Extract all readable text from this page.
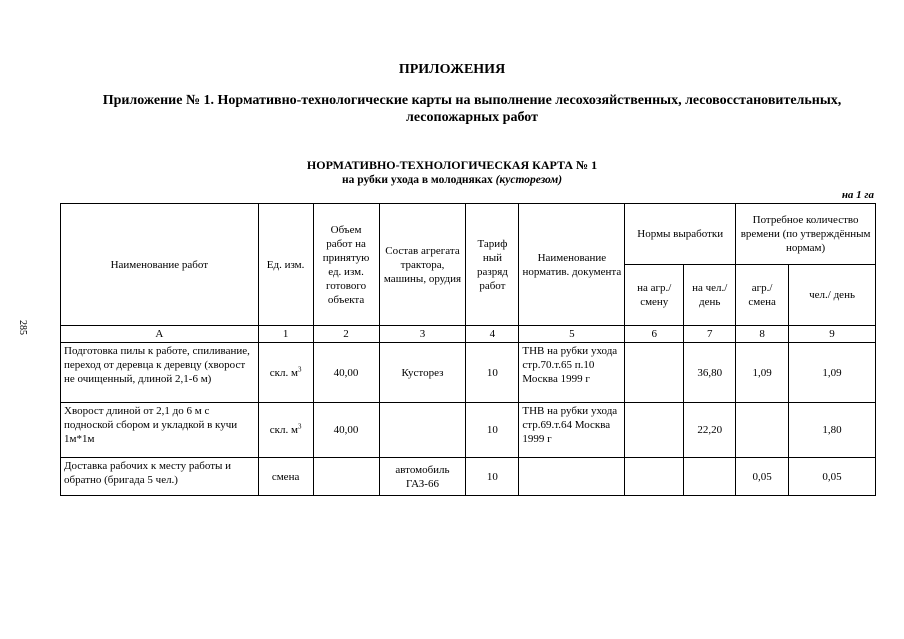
ПРИЛОЖЕНИЯ
Приложение № 1. Нормативно-технологические карты на выполнение лесохозяйственных, лесовосстановительных, лесопожарных работ
НОРМАТИВНО-ТЕХНОЛОГИЧЕСКАЯ КАРТА № 1
на рубки ухода в молодняках (кусторезом)
на 1 га
285
Наименование работ	Ед. изм.	Объем работ на принятую ед. изм. готового объекта	Состав агрегата трактора, машины, орудия	Тариф ный разряд работ	Наименование норматив. документа	Нормы выработки		Потребное количество времени (по утверждённым нормам)	
						на агр./ смену	на чел./ день	агр./ смена	чел./ день
А	1	2	3	4	5	6	7	8	9
Подготовка пилы к работе, спиливание, переход от деревца к деревцу (хворост не очищенный, длиной 2,1-6 м)	скл. $м^3$	40,00	Кусторез	10	ТНВ на рубки ухода стр.70.т.65 п.10 Москва 1999 г		36,80	1,09	1,09
Хворост длиной от 2,1 до 6 м с подноской сбором и укладкой в кучи 1м*1м	скл. $м^3$	40,00		10	ТНВ на рубки ухода стр.69.т.64 Москва 1999 г		22,20		1,80
Доставка рабочих к месту работы и обратно (бригада 5 чел.)	смена		автомобиль ГАЗ-66	10				0,05	0,05
